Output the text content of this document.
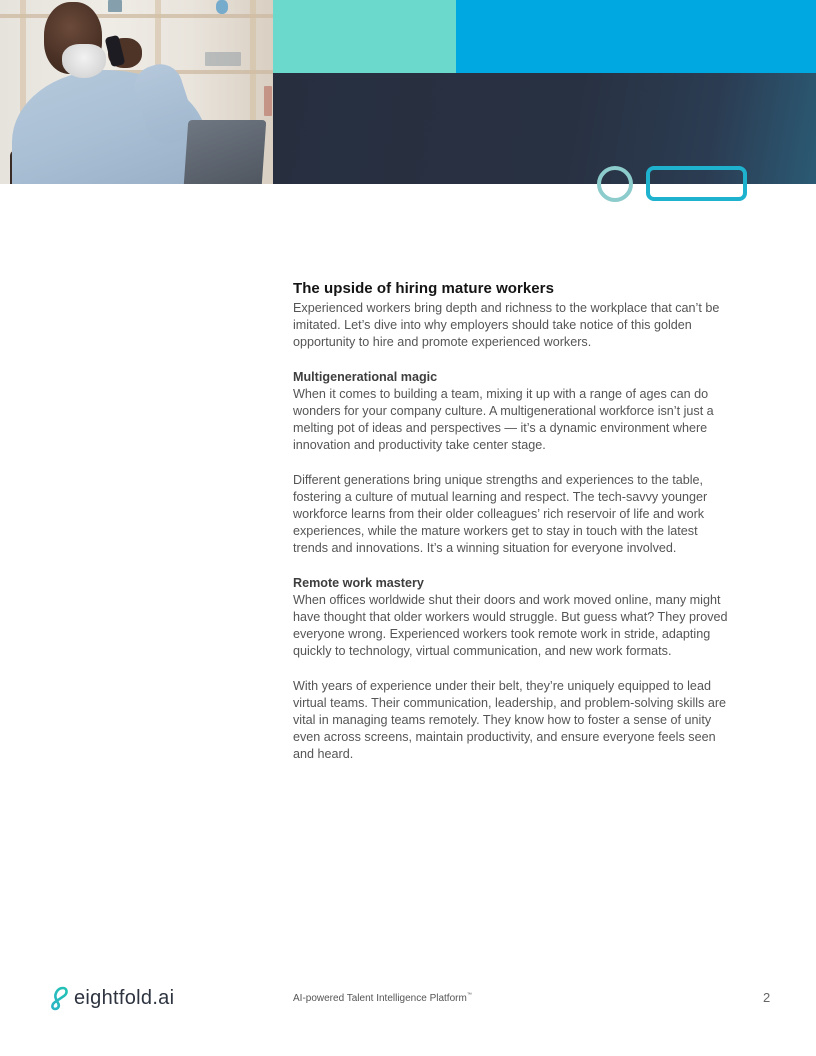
The upside of hiring mature workers

Experienced workers bring depth and richness to the workplace that can’t be imitated. Let’s dive into why employers should take notice of this golden opportunity to hire and promote experienced workers.

Multigenerational magic

When it comes to building a team, mixing it up with a range of ages can do wonders for your company culture. A multigenerational workforce isn’t just a melting pot of ideas and perspectives — it’s a dynamic environment where innovation and productivity take center stage.

Different generations bring unique strengths and experiences to the table, fostering a culture of mutual learning and respect. The tech-savvy younger workforce learns from their older colleagues’ rich reservoir of life and work experiences, while the mature workers get to stay in touch with the latest trends and innovations. It’s a winning situation for everyone involved.

Remote work mastery

When offices worldwide shut their doors and work moved online, many might have thought that older workers would struggle. But guess what? They proved everyone wrong. Experienced workers took remote work in stride, adapting quickly to technology, virtual communication, and new work formats.

With years of experience under their belt, they’re uniquely equipped to lead virtual teams. Their communication, leadership, and problem-solving skills are vital in managing teams remotely. They know how to foster a sense of unity even across screens, maintain productivity, and ensure everyone feels seen and heard.

eightfold.ai	AI-powered Talent Intelligence Platform™	2
